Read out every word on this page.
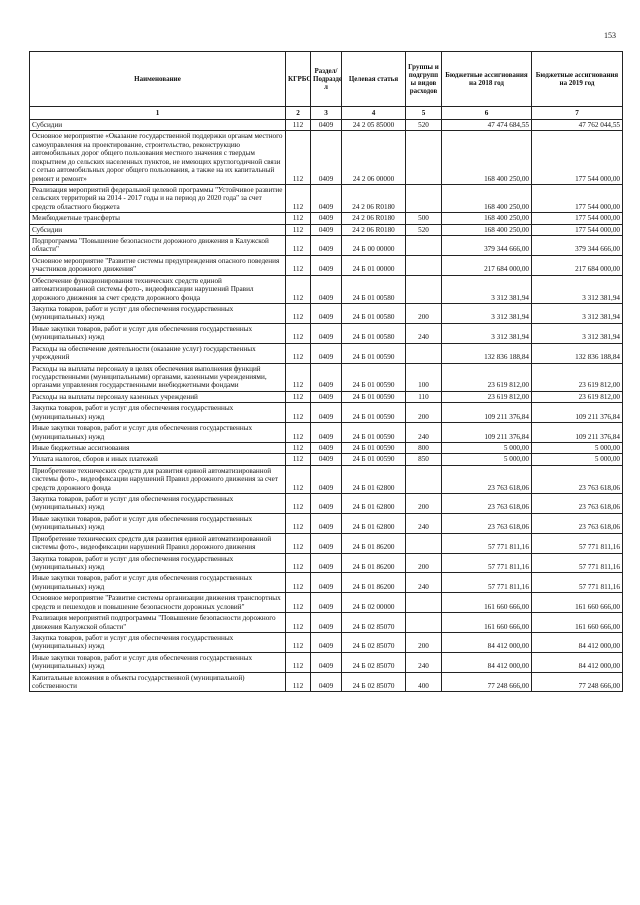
153
Наименование	КГРБС	Раздел/ Подразде л	Целевая статья	Группы и подгрупп ы видов расходов	Бюджетные ассигнования на 2018 год	Бюджетные ассигнования на 2019 год
1	2	3	4	5	6	7
Субсидии	112	0409	24 2 05 85000	520	47 474 684,55	47 762 044,55
Основное мероприятие «Оказание государственной поддержки органам местного самоуправления на проектирование, строительство, реконструкцию автомобильных дорог общего пользования местного значения с твердым покрытием до сельских населенных пунктов, не имеющих круглогодичной связи с сетью автомобильных дорог общего пользования, а также на их капитальный ремонт и ремонт»	112	0409	24 2 06 00000		168 400 250,00	177 544 000,00
Реализация мероприятий федеральной целевой программы "Устойчивое развитие сельских территорий на 2014 - 2017 годы и на период до 2020 года" за счет средств областного бюджета	112	0409	24 2 06 R0180		168 400 250,00	177 544 000,00
Межбюджетные трансферты	112	0409	24 2 06 R0180	500	168 400 250,00	177 544 000,00
Субсидии	112	0409	24 2 06 R0180	520	168 400 250,00	177 544 000,00
Подпрограмма "Повышение безопасности дорожного движения в Калужской области"	112	0409	24 Б 00 00000		379 344 666,00	379 344 666,00
Основное мероприятие "Развитие системы предупреждения опасного поведения участников дорожного движения"	112	0409	24 Б 01 00000		217 684 000,00	217 684 000,00
Обеспечение функционирования технических средств единой автоматизированной системы фото-, видеофиксации нарушений Правил дорожного движения за счет средств дорожного фонда	112	0409	24 Б 01 00580		3 312 381,94	3 312 381,94
Закупка товаров, работ и услуг для обеспечения государственных (муниципальных) нужд	112	0409	24 Б 01 00580	200	3 312 381,94	3 312 381,94
Иные закупки товаров, работ и услуг для обеспечения государственных (муниципальных) нужд	112	0409	24 Б 01 00580	240	3 312 381,94	3 312 381,94
Расходы на обеспечение деятельности (оказание услуг) государственных учреждений	112	0409	24 Б 01 00590		132 836 188,84	132 836 188,84
Расходы на выплаты персоналу в целях обеспечения выполнения функций государственными (муниципальными) органами, казенными учреждениями, органами управления государственными внебюджетными фондами	112	0409	24 Б 01 00590	100	23 619 812,00	23 619 812,00
Расходы на выплаты персоналу казенных учреждений	112	0409	24 Б 01 00590	110	23 619 812,00	23 619 812,00
Закупка товаров, работ и услуг для обеспечения государственных (муниципальных) нужд	112	0409	24 Б 01 00590	200	109 211 376,84	109 211 376,84
Иные закупки товаров, работ и услуг для обеспечения государственных (муниципальных) нужд	112	0409	24 Б 01 00590	240	109 211 376,84	109 211 376,84
Иные бюджетные ассигнования	112	0409	24 Б 01 00590	800	5 000,00	5 000,00
Уплата налогов, сборов и иных платежей	112	0409	24 Б 01 00590	850	5 000,00	5 000,00
Приобретение технических средств для развития единой автоматизированной системы фото-, видеофиксации нарушений Правил дорожного движения за счет средств дорожного фонда	112	0409	24 Б 01 62800		23 763 618,06	23 763 618,06
Закупка товаров, работ и услуг для обеспечения государственных (муниципальных) нужд	112	0409	24 Б 01 62800	200	23 763 618,06	23 763 618,06
Иные закупки товаров, работ и услуг для обеспечения государственных (муниципальных) нужд	112	0409	24 Б 01 62800	240	23 763 618,06	23 763 618,06
Приобретение технических средств для развития единой автоматизированной системы фото-, видеофиксации нарушений Правил дорожного движения	112	0409	24 Б 01 86200		57 771 811,16	57 771 811,16
Закупка товаров, работ и услуг для обеспечения государственных (муниципальных) нужд	112	0409	24 Б 01 86200	200	57 771 811,16	57 771 811,16
Иные закупки товаров, работ и услуг для обеспечения государственных (муниципальных) нужд	112	0409	24 Б 01 86200	240	57 771 811,16	57 771 811,16
Основное мероприятие "Развитие системы организации движения транспортных средств и пешеходов и повышение безопасности дорожных условий"	112	0409	24 Б 02 00000		161 660 666,00	161 660 666,00
Реализация мероприятий подпрограммы "Повышение безопасности дорожного движения Калужской области"	112	0409	24 Б 02 85070		161 660 666,00	161 660 666,00
Закупка товаров, работ и услуг для обеспечения государственных (муниципальных) нужд	112	0409	24 Б 02 85070	200	84 412 000,00	84 412 000,00
Иные закупки товаров, работ и услуг для обеспечения государственных (муниципальных) нужд	112	0409	24 Б 02 85070	240	84 412 000,00	84 412 000,00
Капитальные вложения в объекты государственной (муниципальной) собственности	112	0409	24 Б 02 85070	400	77 248 666,00	77 248 666,00
